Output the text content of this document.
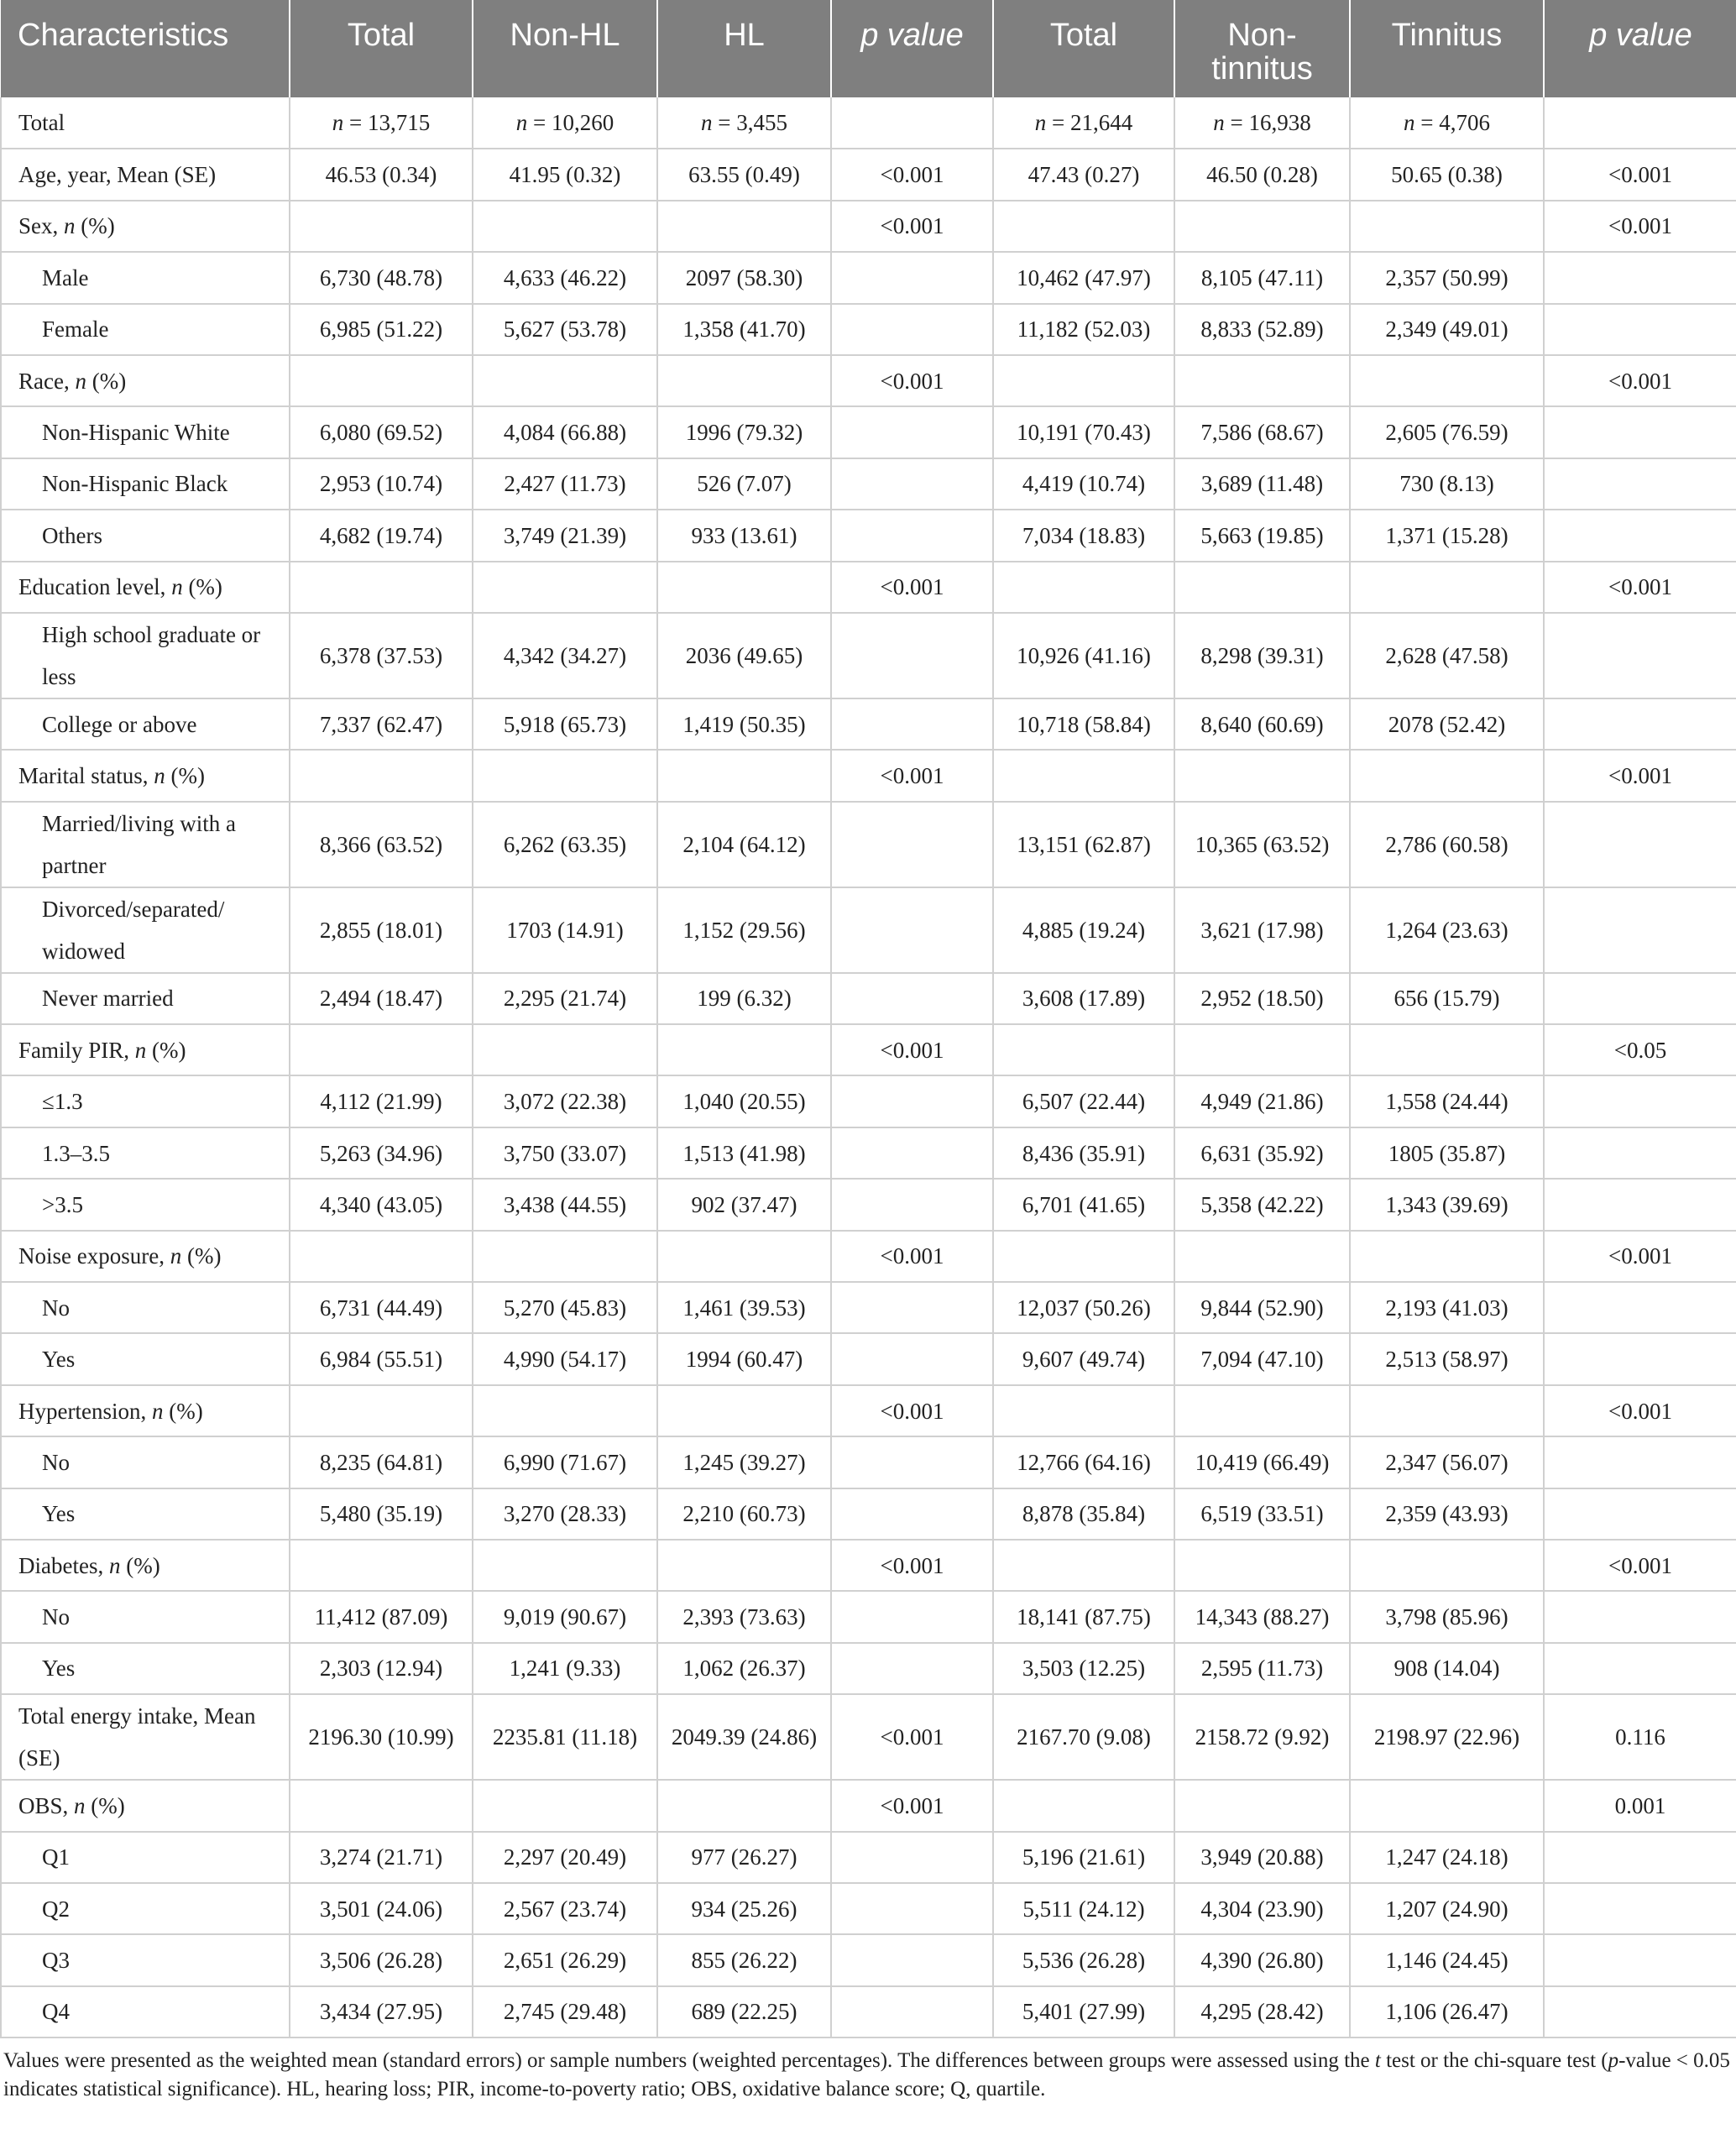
Characteristics	Total	Non-HL	HL	p value	Total	Non-tinnitus	Tinnitus	p value
Total	n = 13,715	n = 10,260	n = 3,455		n = 21,644	n = 16,938	n = 4,706	
Age, year, Mean (SE)	46.53 (0.34)	41.95 (0.32)	63.55 (0.49)	<0.001	47.43 (0.27)	46.50 (0.28)	50.65 (0.38)	<0.001
Sex, n (%)				<0.001				<0.001
Male	6,730 (48.78)	4,633 (46.22)	2097 (58.30)		10,462 (47.97)	8,105 (47.11)	2,357 (50.99)	
Female	6,985 (51.22)	5,627 (53.78)	1,358 (41.70)		11,182 (52.03)	8,833 (52.89)	2,349 (49.01)	
Race, n (%)				<0.001				<0.001
Non-Hispanic White	6,080 (69.52)	4,084 (66.88)	1996 (79.32)		10,191 (70.43)	7,586 (68.67)	2,605 (76.59)	
Non-Hispanic Black	2,953 (10.74)	2,427 (11.73)	526 (7.07)		4,419 (10.74)	3,689 (11.48)	730 (8.13)	
Others	4,682 (19.74)	3,749 (21.39)	933 (13.61)		7,034 (18.83)	5,663 (19.85)	1,371 (15.28)	
Education level, n (%)				<0.001				<0.001
High school graduate or less	6,378 (37.53)	4,342 (34.27)	2036 (49.65)		10,926 (41.16)	8,298 (39.31)	2,628 (47.58)	
College or above	7,337 (62.47)	5,918 (65.73)	1,419 (50.35)		10,718 (58.84)	8,640 (60.69)	2078 (52.42)	
Marital status, n (%)				<0.001				<0.001
Married/living with a partner	8,366 (63.52)	6,262 (63.35)	2,104 (64.12)		13,151 (62.87)	10,365 (63.52)	2,786 (60.58)	
Divorced/separated/ widowed	2,855 (18.01)	1703 (14.91)	1,152 (29.56)		4,885 (19.24)	3,621 (17.98)	1,264 (23.63)	
Never married	2,494 (18.47)	2,295 (21.74)	199 (6.32)		3,608 (17.89)	2,952 (18.50)	656 (15.79)	
Family PIR, n (%)				<0.001				<0.05
≤1.3	4,112 (21.99)	3,072 (22.38)	1,040 (20.55)		6,507 (22.44)	4,949 (21.86)	1,558 (24.44)	
1.3–3.5	5,263 (34.96)	3,750 (33.07)	1,513 (41.98)		8,436 (35.91)	6,631 (35.92)	1805 (35.87)	
>3.5	4,340 (43.05)	3,438 (44.55)	902 (37.47)		6,701 (41.65)	5,358 (42.22)	1,343 (39.69)	
Noise exposure, n (%)				<0.001				<0.001
No	6,731 (44.49)	5,270 (45.83)	1,461 (39.53)		12,037 (50.26)	9,844 (52.90)	2,193 (41.03)	
Yes	6,984 (55.51)	4,990 (54.17)	1994 (60.47)		9,607 (49.74)	7,094 (47.10)	2,513 (58.97)	
Hypertension, n (%)				<0.001				<0.001
No	8,235 (64.81)	6,990 (71.67)	1,245 (39.27)		12,766 (64.16)	10,419 (66.49)	2,347 (56.07)	
Yes	5,480 (35.19)	3,270 (28.33)	2,210 (60.73)		8,878 (35.84)	6,519 (33.51)	2,359 (43.93)	
Diabetes, n (%)				<0.001				<0.001
No	11,412 (87.09)	9,019 (90.67)	2,393 (73.63)		18,141 (87.75)	14,343 (88.27)	3,798 (85.96)	
Yes	2,303 (12.94)	1,241 (9.33)	1,062 (26.37)		3,503 (12.25)	2,595 (11.73)	908 (14.04)	
Total energy intake, Mean (SE)	2196.30 (10.99)	2235.81 (11.18)	2049.39 (24.86)	<0.001	2167.70 (9.08)	2158.72 (9.92)	2198.97 (22.96)	0.116
OBS, n (%)				<0.001				0.001
Q1	3,274 (21.71)	2,297 (20.49)	977 (26.27)		5,196 (21.61)	3,949 (20.88)	1,247 (24.18)	
Q2	3,501 (24.06)	2,567 (23.74)	934 (25.26)		5,511 (24.12)	4,304 (23.90)	1,207 (24.90)	
Q3	3,506 (26.28)	2,651 (26.29)	855 (26.22)		5,536 (26.28)	4,390 (26.80)	1,146 (24.45)	
Q4	3,434 (27.95)	2,745 (29.48)	689 (22.25)		5,401 (27.99)	4,295 (28.42)	1,106 (26.47)	
Values were presented as the weighted mean (standard errors) or sample numbers (weighted percentages). The differences between groups were assessed using the t test or the chi-square test (p-value < 0.05 indicates statistical significance). HL, hearing loss; PIR, income-to-poverty ratio; OBS, oxidative balance score; Q, quartile.
